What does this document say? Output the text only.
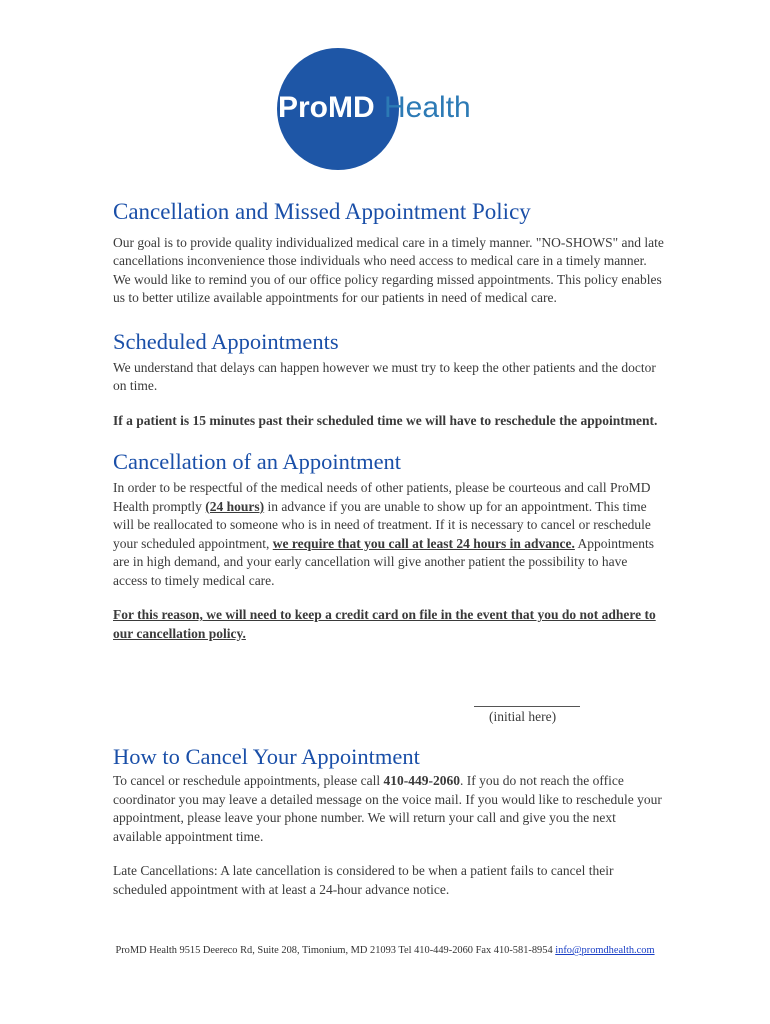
ProMD Health
Cancellation and Missed Appointment Policy

Our goal is to provide quality individualized medical care in a timely manner. "NO-SHOWS" and late cancellations inconvenience those individuals who need access to medical care in a timely manner. We would like to remind you of our office policy regarding missed appointments. This policy enables us to better utilize available appointments for our patients in need of medical care.

Scheduled Appointments

We understand that delays can happen however we must try to keep the other patients and the doctor on time.

If a patient is 15 minutes past their scheduled time we will have to reschedule the appointment.

Cancellation of an Appointment

In order to be respectful of the medical needs of other patients, please be courteous and call ProMD Health promptly (24 hours) in advance if you are unable to show up for an appointment. This time will be reallocated to someone who is in need of treatment. If it is necessary to cancel or reschedule your scheduled appointment, we require that you call at least 24 hours in advance. Appointments are in high demand, and your early cancellation will give another patient the possibility to have access to timely medical care.

For this reason, we will need to keep a credit card on file in the event that you do not adhere to our cancellation policy.

(initial here)
How to Cancel Your Appointment

To cancel or reschedule appointments, please call 410-449-2060. If you do not reach the office coordinator you may leave a detailed message on the voice mail. If you would like to reschedule your appointment, please leave your phone number. We will return your call and give you the next available appointment time.

Late Cancellations: A late cancellation is considered to be when a patient fails to cancel their scheduled appointment with at least a 24-hour advance notice.

ProMD Health 9515 Deereco Rd, Suite 208, Timonium, MD 21093 Tel 410-449-2060 Fax 410-581-8954 info@promdhealth.com
